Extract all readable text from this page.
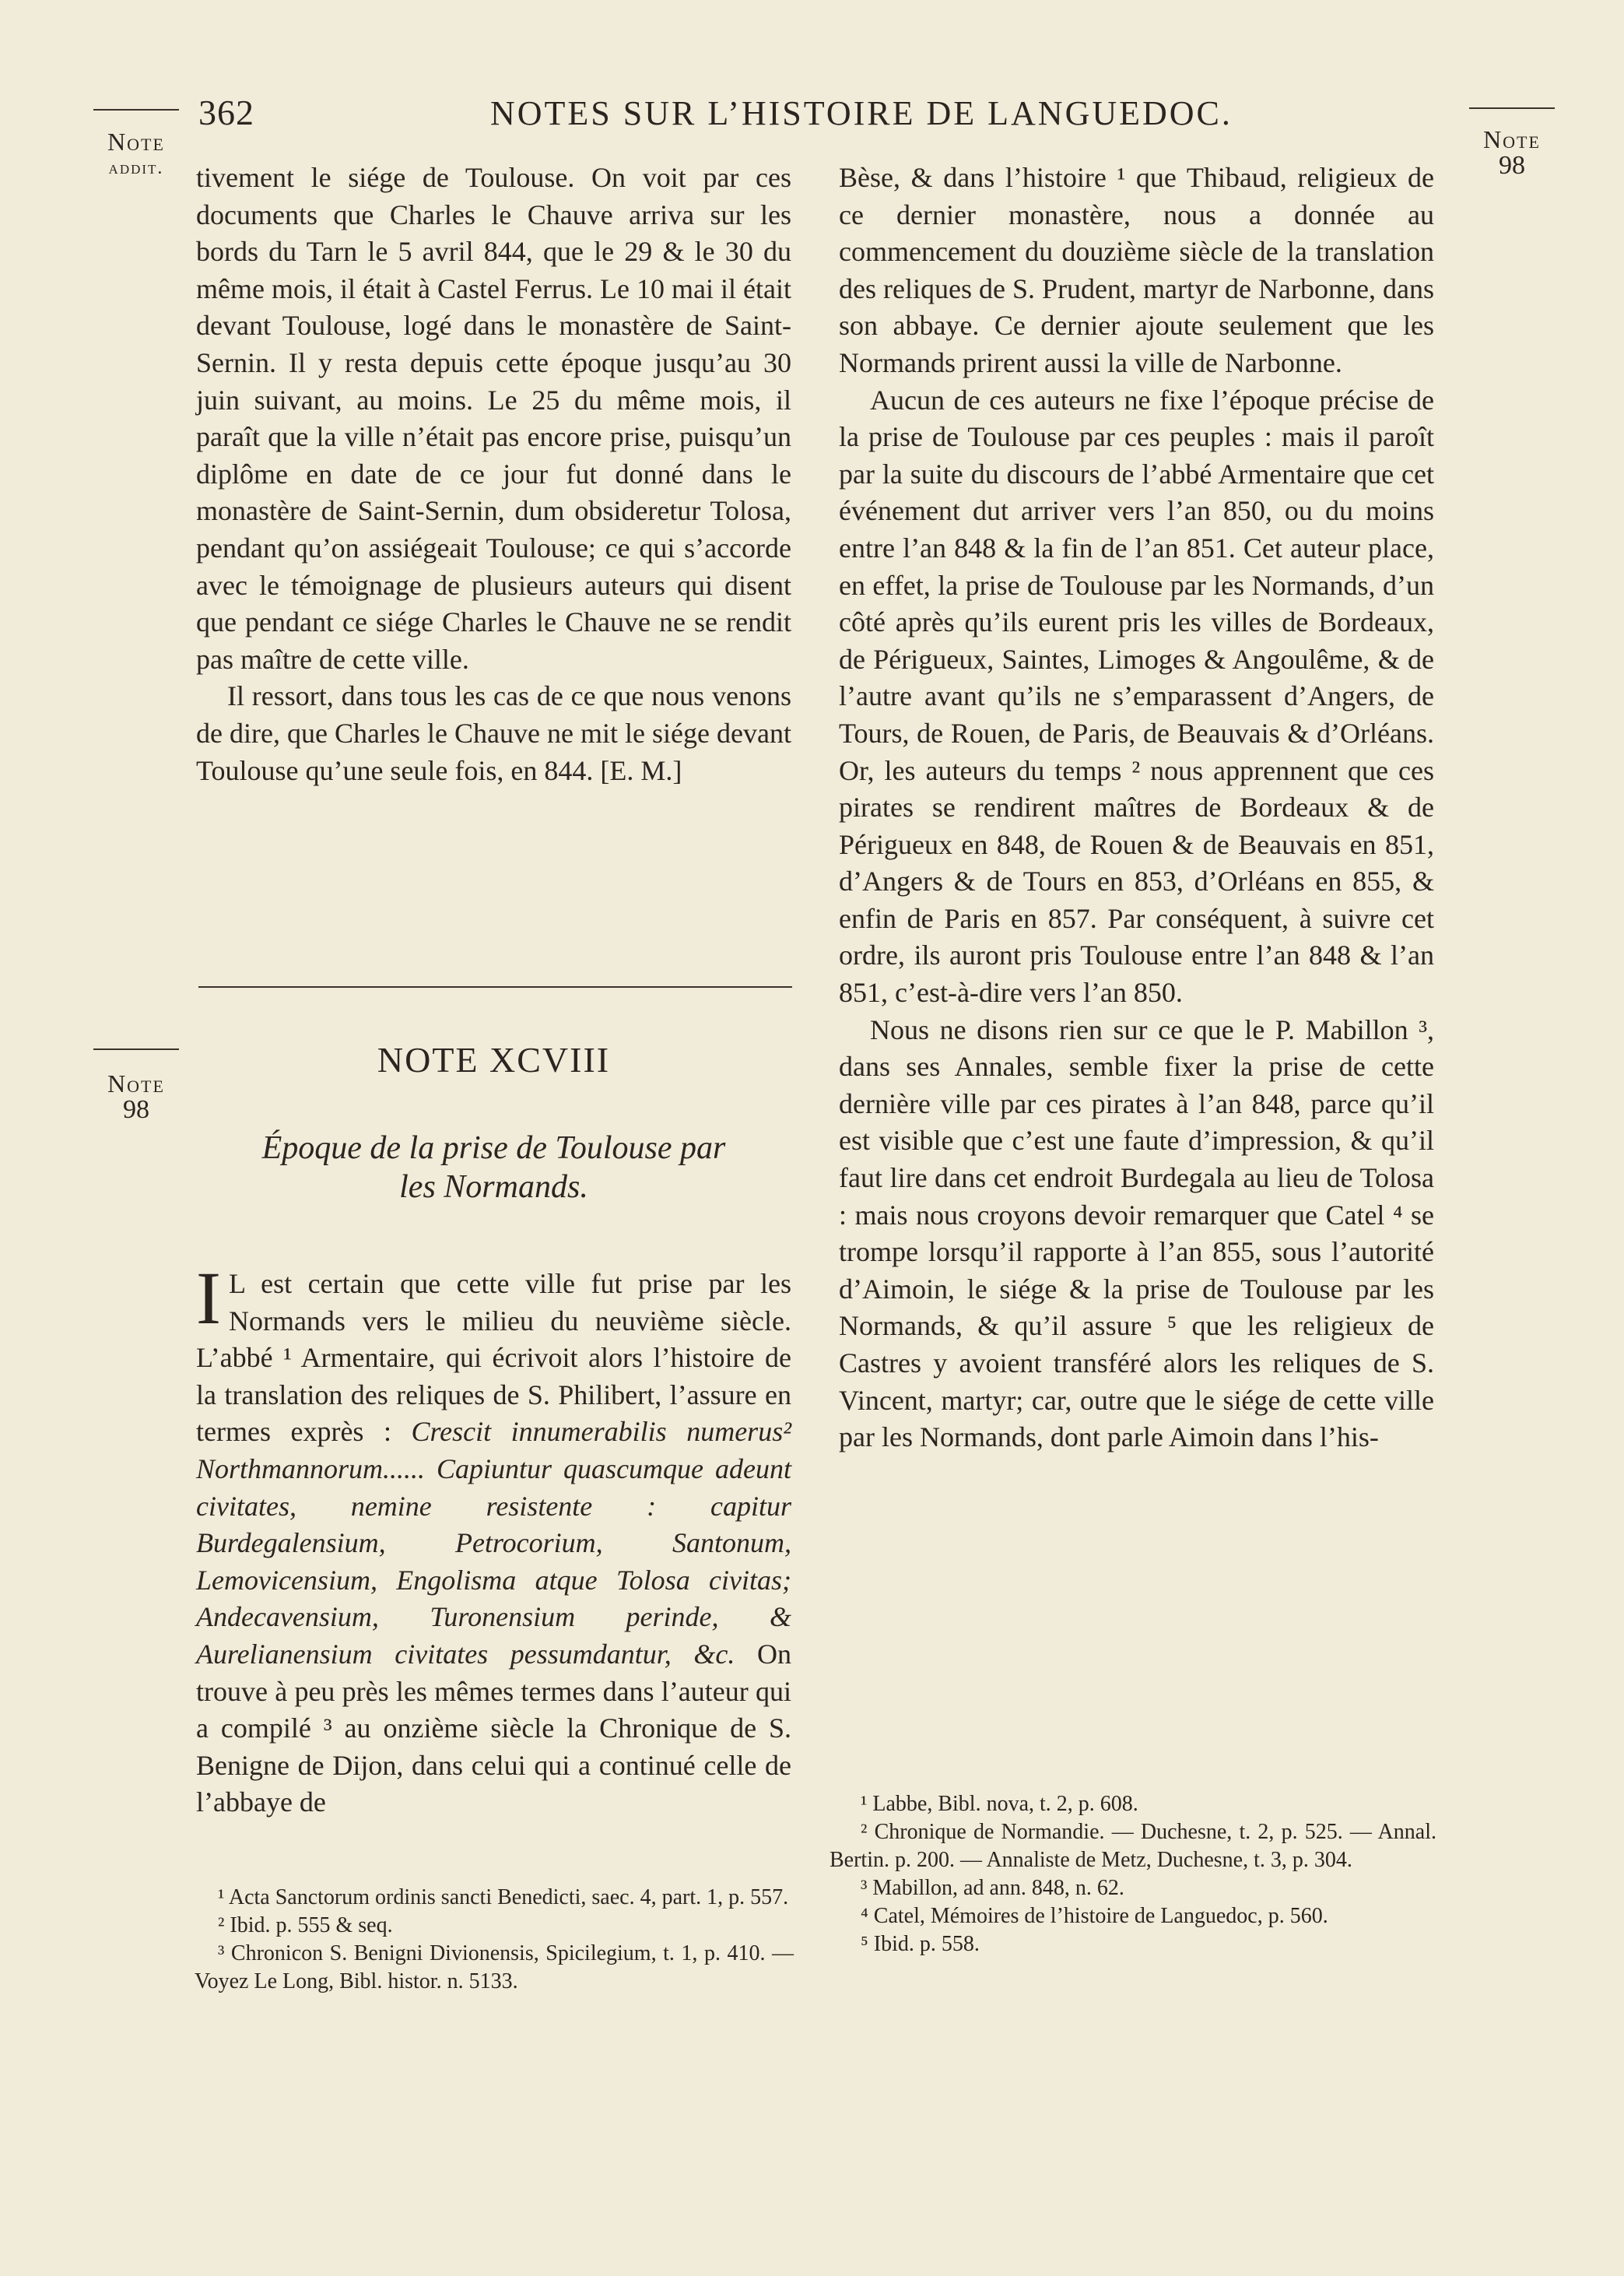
Note
addit.
362	NOTES SUR L’HISTOIRE DE LANGUEDOC.
Note
98

tivement le siége de Toulouse. On voit par ces documents que Charles le Chauve arriva sur les bords du Tarn le 5 avril 844, que le 29 & le 30 du même mois, il était à Castel Ferrus. Le 10 mai il était devant Toulouse, logé dans le monastère de Saint-Sernin. Il y resta depuis cette époque jusqu’au 30 juin suivant, au moins. Le 25 du même mois, il paraît que la ville n’était pas encore prise, puisqu’un diplôme en date de ce jour fut donné dans le monastère de Saint-Sernin, dum obsideretur Tolosa, pendant qu’on assiégeait Toulouse; ce qui s’accorde avec le témoignage de plusieurs auteurs qui disent que pendant ce siége Charles le Chauve ne se rendit pas maître de cette ville.

Il ressort, dans tous les cas de ce que nous venons de dire, que Charles le Chauve ne mit le siége devant Toulouse qu’une seule fois, en 844. [E. M.]

Note
98
NOTE XCVIII
Époque de la prise de Toulouse par
les Normands.

I L est certain que cette ville fut prise par les Normands vers le milieu du neuvième siècle. L’abbé ¹ Armentaire, qui écrivoit alors l’histoire de la translation des reliques de S. Philibert, l’assure en termes exprès : Crescit innumerabilis numerus² Northmannorum...... Capiuntur quascumque adeunt civitates, nemine resistente : capitur Burdegalensium, Petrocorium, Santonum, Lemovicensium, Engolisma atque Tolosa civitas; Andecavensium, Turonensium perinde, & Aurelianensium civitates pessumdantur, &c. On trouve à peu près les mêmes termes dans l’auteur qui a compilé ³ au onzième siècle la Chronique de S. Benigne de Dijon, dans celui qui a continué celle de l’abbaye de

Bèse, & dans l’histoire ¹ que Thibaud, religieux de ce dernier monastère, nous a donnée au commencement du douzième siècle de la translation des reliques de S. Prudent, martyr de Narbonne, dans son abbaye. Ce dernier ajoute seulement que les Normands prirent aussi la ville de Narbonne.

Aucun de ces auteurs ne fixe l’époque précise de la prise de Toulouse par ces peuples : mais il paroît par la suite du discours de l’abbé Armentaire que cet événement dut arriver vers l’an 850, ou du moins entre l’an 848 & la fin de l’an 851. Cet auteur place, en effet, la prise de Toulouse par les Normands, d’un côté après qu’ils eurent pris les villes de Bordeaux, de Périgueux, Saintes, Limoges & Angoulême, & de l’autre avant qu’ils ne s’emparassent d’Angers, de Tours, de Rouen, de Paris, de Beauvais & d’Orléans. Or, les auteurs du temps ² nous apprennent que ces pirates se rendirent maîtres de Bordeaux & de Périgueux en 848, de Rouen & de Beauvais en 851, d’Angers & de Tours en 853, d’Orléans en 855, & enfin de Paris en 857. Par conséquent, à suivre cet ordre, ils auront pris Toulouse entre l’an 848 & l’an 851, c’est-à-dire vers l’an 850.

Nous ne disons rien sur ce que le P. Mabillon ³, dans ses Annales, semble fixer la prise de cette dernière ville par ces pirates à l’an 848, parce qu’il est visible que c’est une faute d’impression, & qu’il faut lire dans cet endroit Burdegala au lieu de Tolosa : mais nous croyons devoir remarquer que Catel ⁴ se trompe lorsqu’il rapporte à l’an 855, sous l’autorité d’Aimoin, le siége & la prise de Toulouse par les Normands, & qu’il assure ⁵ que les religieux de Castres y avoient transféré alors les reliques de S. Vincent, martyr; car, outre que le siége de cette ville par les Normands, dont parle Aimoin dans l’his-

¹ Acta Sanctorum ordinis sancti Benedicti, saec. 4, part. 1, p. 557.

² Ibid. p. 555 & seq.

³ Chronicon S. Benigni Divionensis, Spicilegium, t. 1, p. 410. — Voyez Le Long, Bibl. histor. n. 5133.

¹ Labbe, Bibl. nova, t. 2, p. 608.

² Chronique de Normandie. — Duchesne, t. 2, p. 525. — Annal. Bertin. p. 200. — Annaliste de Metz, Duchesne, t. 3, p. 304.

³ Mabillon, ad ann. 848, n. 62.

⁴ Catel, Mémoires de l’histoire de Languedoc, p. 560.

⁵ Ibid. p. 558.
